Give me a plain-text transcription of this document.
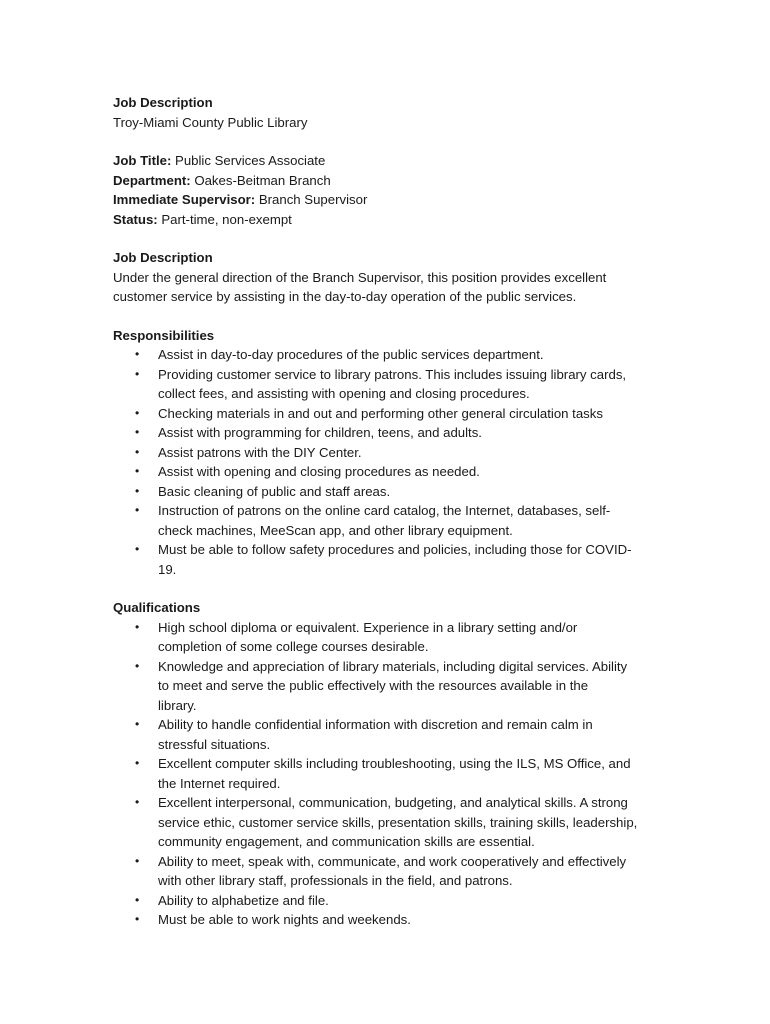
Job Description
Troy-Miami County Public Library
Job Title: Public Services Associate
Department: Oakes-Beitman Branch
Immediate Supervisor: Branch Supervisor
Status: Part-time, non-exempt
Job Description
Under the general direction of the Branch Supervisor, this position provides excellent
customer service by assisting in the day-to-day operation of the public services.
Responsibilities
• Assist in day-to-day procedures of the public services department.
• Providing customer service to library patrons. This includes issuing library cards,
collect fees, and assisting with opening and closing procedures.
• Checking materials in and out and performing other general circulation tasks
• Assist with programming for children, teens, and adults.
• Assist patrons with the DIY Center.
• Assist with opening and closing procedures as needed.
• Basic cleaning of public and staff areas.
• Instruction of patrons on the online card catalog, the Internet, databases, self-
check machines, MeeScan app, and other library equipment.
• Must be able to follow safety procedures and policies, including those for COVID-
19.
Qualifications
• High school diploma or equivalent. Experience in a library setting and/or
completion of some college courses desirable.
• Knowledge and appreciation of library materials, including digital services. Ability
to meet and serve the public effectively with the resources available in the
library.
• Ability to handle confidential information with discretion and remain calm in
stressful situations.
• Excellent computer skills including troubleshooting, using the ILS, MS Office, and
the Internet required.
• Excellent interpersonal, communication, budgeting, and analytical skills. A strong
service ethic, customer service skills, presentation skills, training skills, leadership,
community engagement, and communication skills are essential.
• Ability to meet, speak with, communicate, and work cooperatively and effectively
with other library staff, professionals in the field, and patrons.
• Ability to alphabetize and file.
• Must be able to work nights and weekends.
